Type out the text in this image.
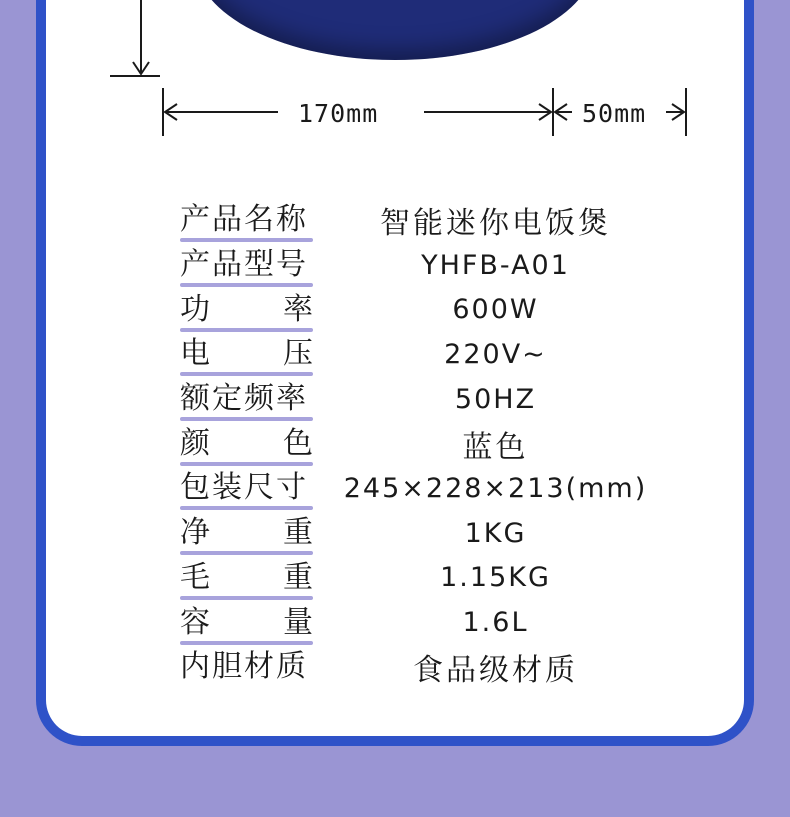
170mm	50mm
产 品 名 称	智能迷你电饭煲
产 品 型 号	YHFB-A01
功 率	600W
电 压	220V~
额 定 频 率	50HZ
颜 色	蓝色
包 装 尺 寸	245×228×213(mm)
净 重	1KG
毛 重	1.15KG
容 量	1.6L
内 胆 材 质	食品级材质
